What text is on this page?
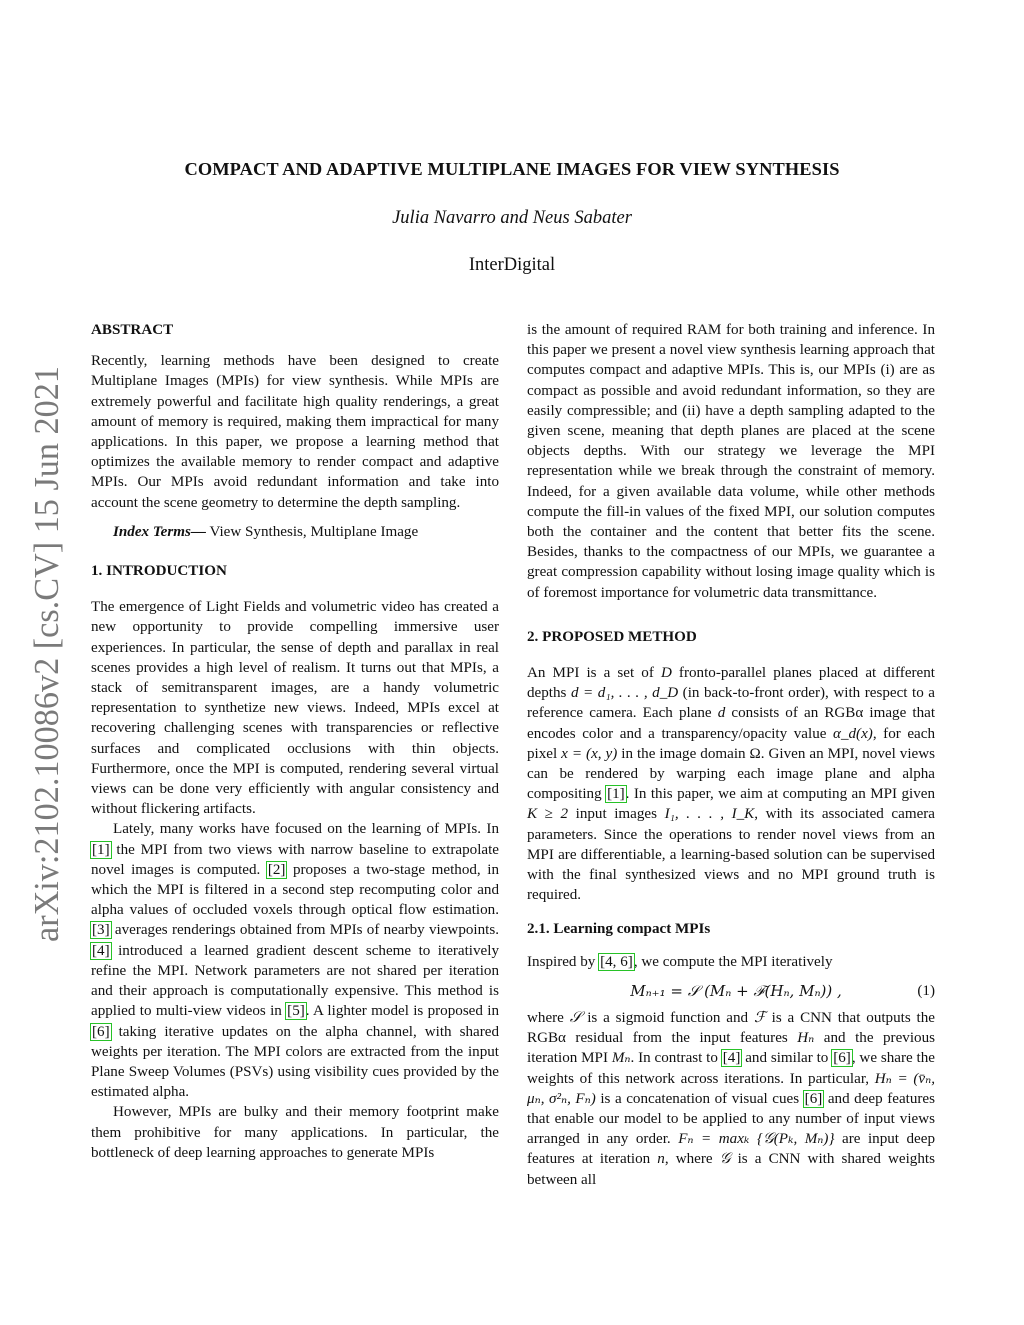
arXiv:2102.10086v2 [cs.CV] 15 Jun 2021
COMPACT AND ADAPTIVE MULTIPLANE IMAGES FOR VIEW SYNTHESIS
Julia Navarro and Neus Sabater
InterDigital

ABSTRACT

Recently, learning methods have been designed to create Multiplane Images (MPIs) for view synthesis. While MPIs are extremely powerful and facilitate high quality renderings, a great amount of memory is required, making them impractical for many applications. In this paper, we propose a learning method that optimizes the available memory to render compact and adaptive MPIs. Our MPIs avoid redundant information and take into account the scene geometry to determine the depth sampling.

Index Terms— View Synthesis, Multiplane Image

1. INTRODUCTION

The emergence of Light Fields and volumetric video has created a new opportunity to provide compelling immersive user experiences. In particular, the sense of depth and parallax in real scenes provides a high level of realism. It turns out that MPIs, a stack of semitransparent images, are a handy volumetric representation to synthetize new views. Indeed, MPIs excel at recovering challenging scenes with transparencies or reflective surfaces and complicated occlusions with thin objects. Furthermore, once the MPI is computed, rendering several virtual views can be done very efficiently with angular consistency and without flickering artifacts.

Lately, many works have focused on the learning of MPIs. In [1] the MPI from two views with narrow baseline to extrapolate novel images is computed. [2] proposes a two-stage method, in which the MPI is filtered in a second step recomputing color and alpha values of occluded voxels through optical flow estimation. [3] averages renderings obtained from MPIs of nearby viewpoints. [4] introduced a learned gradient descent scheme to iteratively refine the MPI. Network parameters are not shared per iteration and their approach is computationally expensive. This method is applied to multi-view videos in [5]. A lighter model is proposed in [6] taking iterative updates on the alpha channel, with shared weights per iteration. The MPI colors are extracted from the input Plane Sweep Volumes (PSVs) using visibility cues provided by the estimated alpha.

However, MPIs are bulky and their memory footprint make them prohibitive for many applications. In particular, the bottleneck of deep learning approaches to generate MPIs

is the amount of required RAM for both training and inference. In this paper we present a novel view synthesis learning approach that computes compact and adaptive MPIs. This is, our MPIs (i) are as compact as possible and avoid redundant information, so they are easily compressible; and (ii) have a depth sampling adapted to the given scene, meaning that depth planes are placed at the scene objects depths. With our strategy we leverage the MPI representation while we break through the constraint of memory. Indeed, for a given available data volume, while other methods compute the fill-in values of the fixed MPI, our solution computes both the container and the content that better fits the scene. Besides, thanks to the compactness of our MPIs, we guarantee a great compression capability without losing image quality which is of foremost importance for volumetric data transmittance.

2. PROPOSED METHOD

An MPI is a set of D fronto-parallel planes placed at different depths d = d₁, . . . , d_D (in back-to-front order), with respect to a reference camera. Each plane d consists of an RGBα image that encodes color and a transparency/opacity value α_d(x), for each pixel x = (x, y) in the image domain Ω. Given an MPI, novel views can be rendered by warping each image plane and alpha compositing [1]. In this paper, we aim at computing an MPI given K ≥ 2 input images I₁, . . . , I_K, with its associated camera parameters. Since the operations to render novel views from an MPI are differentiable, a learning-based solution can be supervised with the final synthesized views and no MPI ground truth is required.

2.1. Learning compact MPIs

Inspired by [4, 6], we compute the MPI iteratively

Mₙ₊₁ = 𝒮 (Mₙ + ℱ(Hₙ, Mₙ)) ,	(1)

where 𝒮 is a sigmoid function and ℱ is a CNN that outputs the RGBα residual from the input features Hₙ and the previous iteration MPI Mₙ. In contrast to [4] and similar to [6], we share the weights of this network across iterations. In particular, Hₙ = (v̄ₙ, μₙ, σ²ₙ, Fₙ) is a concatenation of visual cues [6] and deep features that enable our model to be applied to any number of input views arranged in any order. Fₙ = maxₖ {𝒢(Pₖ, Mₙ)} are input deep features at iteration n, where 𝒢 is a CNN with shared weights between all
